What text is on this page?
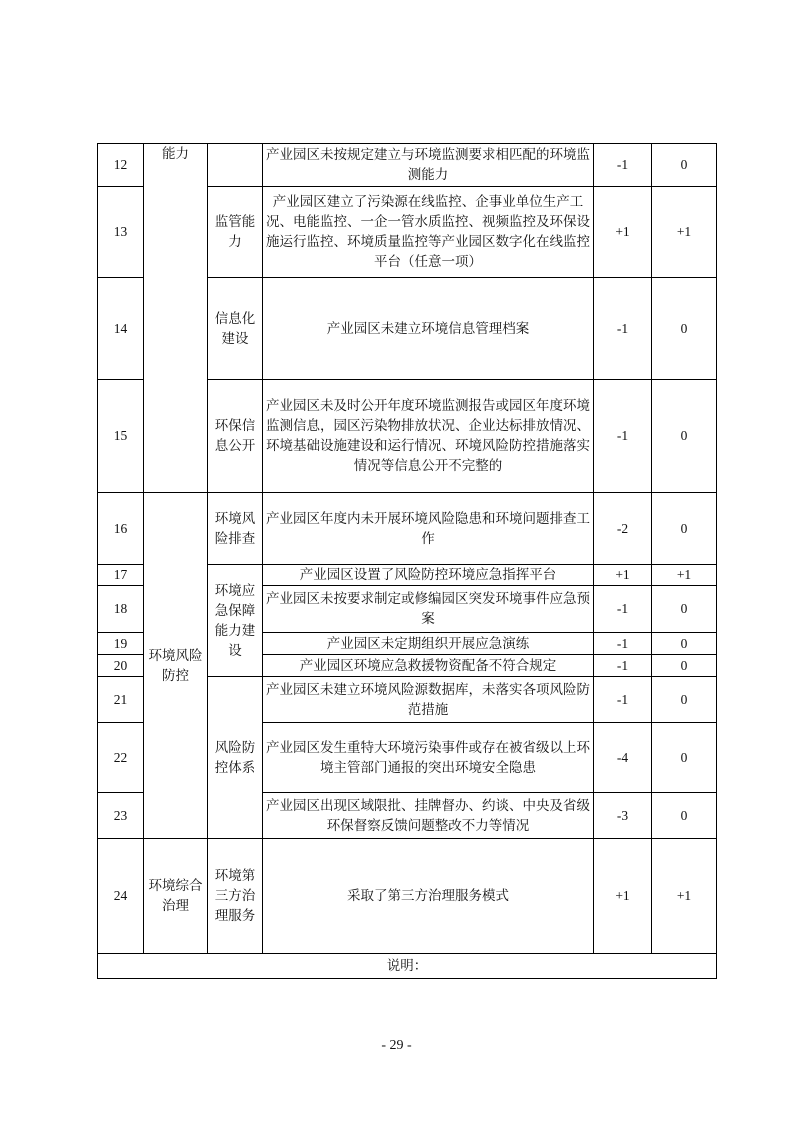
12	能力		产业园区未按规定建立与环境监测要求相匹配的环境监测能力	-1	0
13		监管能力	产业园区建立了污染源在线监控、企事业单位生产工况、电能监控、一企一管水质监控、视频监控及环保设施运行监控、环境质量监控等产业园区数字化在线监控平台（任意一项）	+1	+1
14		信息化建设	产业园区未建立环境信息管理档案	-1	0
15		环保信息公开	产业园区未及时公开年度环境监测报告或园区年度环境监测信息，园区污染物排放状况、企业达标排放情况、环境基础设施建设和运行情况、环境风险防控措施落实情况等信息公开不完整的	-1	0
16	环境风险防控	环境风险排查	产业园区年度内未开展环境风险隐患和环境问题排查工作	-2	0
17		环境应急保障能力建设	产业园区设置了风险防控环境应急指挥平台	+1	+1
18			产业园区未按要求制定或修编园区突发环境事件应急预案	-1	0
19			产业园区未定期组织开展应急演练	-1	0
20			产业园区环境应急救援物资配备不符合规定	-1	0
21		风险防控体系	产业园区未建立环境风险源数据库，未落实各项风险防范措施	-1	0
22			产业园区发生重特大环境污染事件或存在被省级以上环境主管部门通报的突出环境安全隐患	-4	0
23			产业园区出现区域限批、挂牌督办、约谈、中央及省级环保督察反馈问题整改不力等情况	-3	0
24	环境综合治理	环境第三方治理服务	采取了第三方治理服务模式	+1	+1
说明：					
- 29 -
